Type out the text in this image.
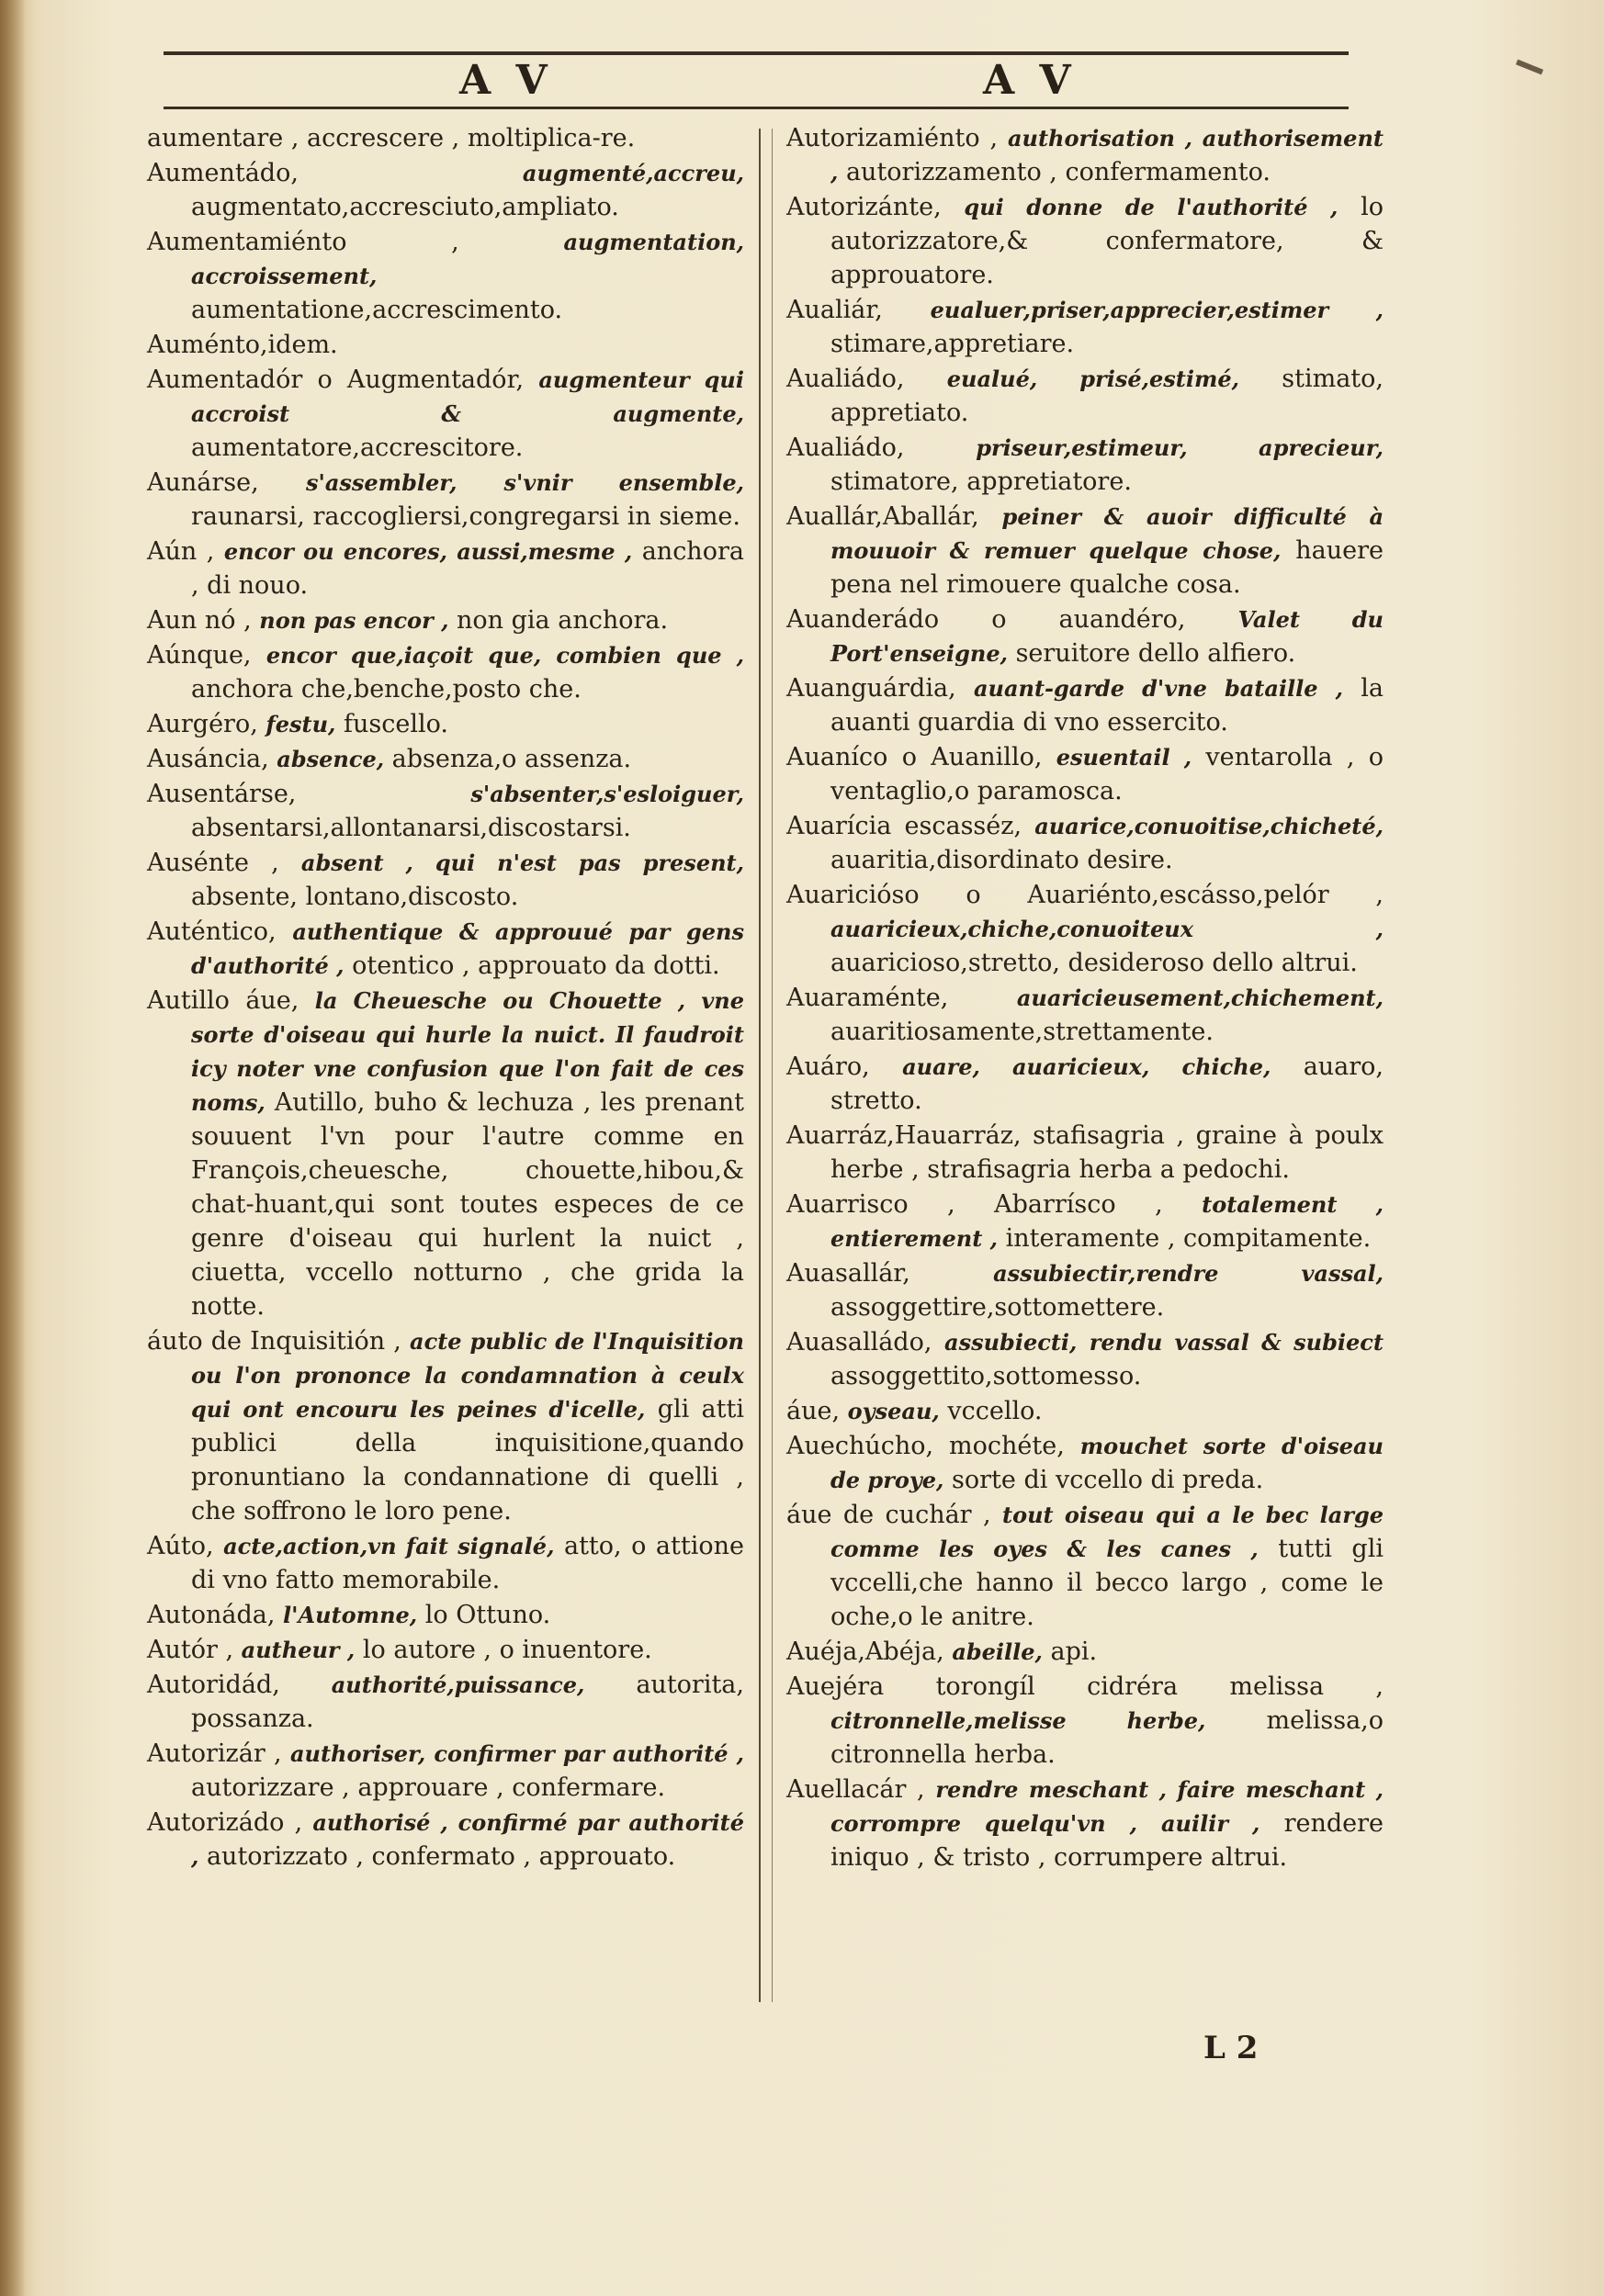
A V	A V

aumentare , accrescere , moltiplica-re.

Aumentádo,	augmenté,accreu, augmentato,accresciuto,ampliato.

Aumentamiénto ,	augmentation, accroissement, aumentatione,accrescimento.

Auménto,idem.

Aumentadór o Augmentadór, augmenteur qui accroist & augmente, aumentatore,accrescitore.

Aunárse, s'assembler, s'vnir ensemble, raunarsi, raccogliersi,congregarsi in sieme.

Aún , encor ou encores, aussi,mesme , anchora , di nouo.

Aun nó , non pas encor , non gia anchora.

Aúnque, encor que,iaçoit que, combien que , anchora che,benche,posto che.

Aurgéro, festu, fuscello.

Ausáncia, absence, absenza,o assenza.

Ausentárse,	s'absenter,s'esloiguer, absentarsi,allontanarsi,discostarsi.

Auséntе , absent , qui n'est pas present, absente, lontano,discosto.

Auténtico, authentique & approuué par gens d'authorité , otentico , approuato da dotti.

Autillo áue, la Cheuesche ou Chouette , vne sorte d'oiseau qui hurle la nuict. Il faudroit icy noter vne confusion que l'on fait de ces noms, Autillo, buho & lechuza , les prenant souuent l'vn pour l'autre comme en François,cheuesche, chouette,hibou,& chat-huant,qui sont toutes especes de ce genre d'oiseau qui hurlent la nuict , ciuetta, vccello notturno , che grida la notte.

áuto de Inquisitión , acte public de l'Inquisition ou l'on prononce la condamnation à ceulx qui ont encouru les peines d'icelle, gli atti publici della inquisitione,quando pronuntiano la condannatione di quelli , che soffrono le loro pene.

Aúto, acte,action,vn fait signalé, atto, o attione di vno fatto memorabile.

Autonáda, l'Automne, lo Ottuno.

Autór , autheur , lo autore , o inuentore.

Autoridád, authorité,puissance, autorita, possanza.

Autorizár , authoriser, confirmer par authorité , autorizzare , approuare , confermare.

Autorizádo , authorisé , confirmé par authorité , autorizzato , confermato , approuato.

Autorizamiénto , authorisation , authorisement , autorizzamento , confermamento.

Autorizánte, qui donne de l'authorité , lo autorizzatore,& confermatore, & approuatore.

Aualiár, eualuer,priser,apprecier,estimer , stimare,appretiare.

Aualiádo, eualué, prisé,estimé, stimato, appretiato.

Aualiádo,	priseur,estimeur, aprecieur, stimatore, appretiatore.

Auallár,Aballár, peiner & auoir difficulté à mouuoir & remuer quelque chose, hauere pena nel rimouere qualche cosa.

Auanderádo o auandéro, Valet du Port'enseigne, seruitore dello alfiero.

Auanguárdia, auant-garde d'vne bataille , la auanti guardia di vno essercito.

Auaníco o Auanillo, esuentail , ventarolla , o ventaglio,o paramosca.

Auarícia escasséz, auarice,conuoitise,chicheté, auaritia,disordinato desire.

Auaricióso o Auariénto,escásso,pelór , auaricieux,chiche,conuoiteux , auaricioso,stretto, desideroso dello altrui.

Auaraménte,	auaricieusement,chichement, auaritiosamente,strettamente.

Auáro, auare, auaricieux, chiche, auaro, stretto.

Auarráz,Hauarráz, stafisagria , graine à poulx herbe , strafisagria herba a pedochi.

Auarrisco , Abarrísco , totalement , entierement , interamente , compitamente.

Auasallár,	assubiectir,rendre vassal, assoggettire,sottomettere.

Auasalládo, assubiecti, rendu vassal & subiect assoggettito,sottomesso.

áue, oyseau, vccello.

Auechúcho, mochéte, mouchet sorte d'oiseau de proye, sorte di vccello di preda.

áue de cuchár , tout oiseau qui a le bec large comme les oyes & les canes , tutti gli vccelli,che hanno il becco largo , come le oche,o le anitre.

Auéja,Abéja, abeille, api.

Auejéra torongíl cidréra melissa , citronnelle,melisse herbe, melissa,o citronnella herba.

Auellacár , rendre meschant , faire meschant , corrompre quelqu'vn , auilir , rendere iniquo , & tristo , corrumpere altrui.

L 2
